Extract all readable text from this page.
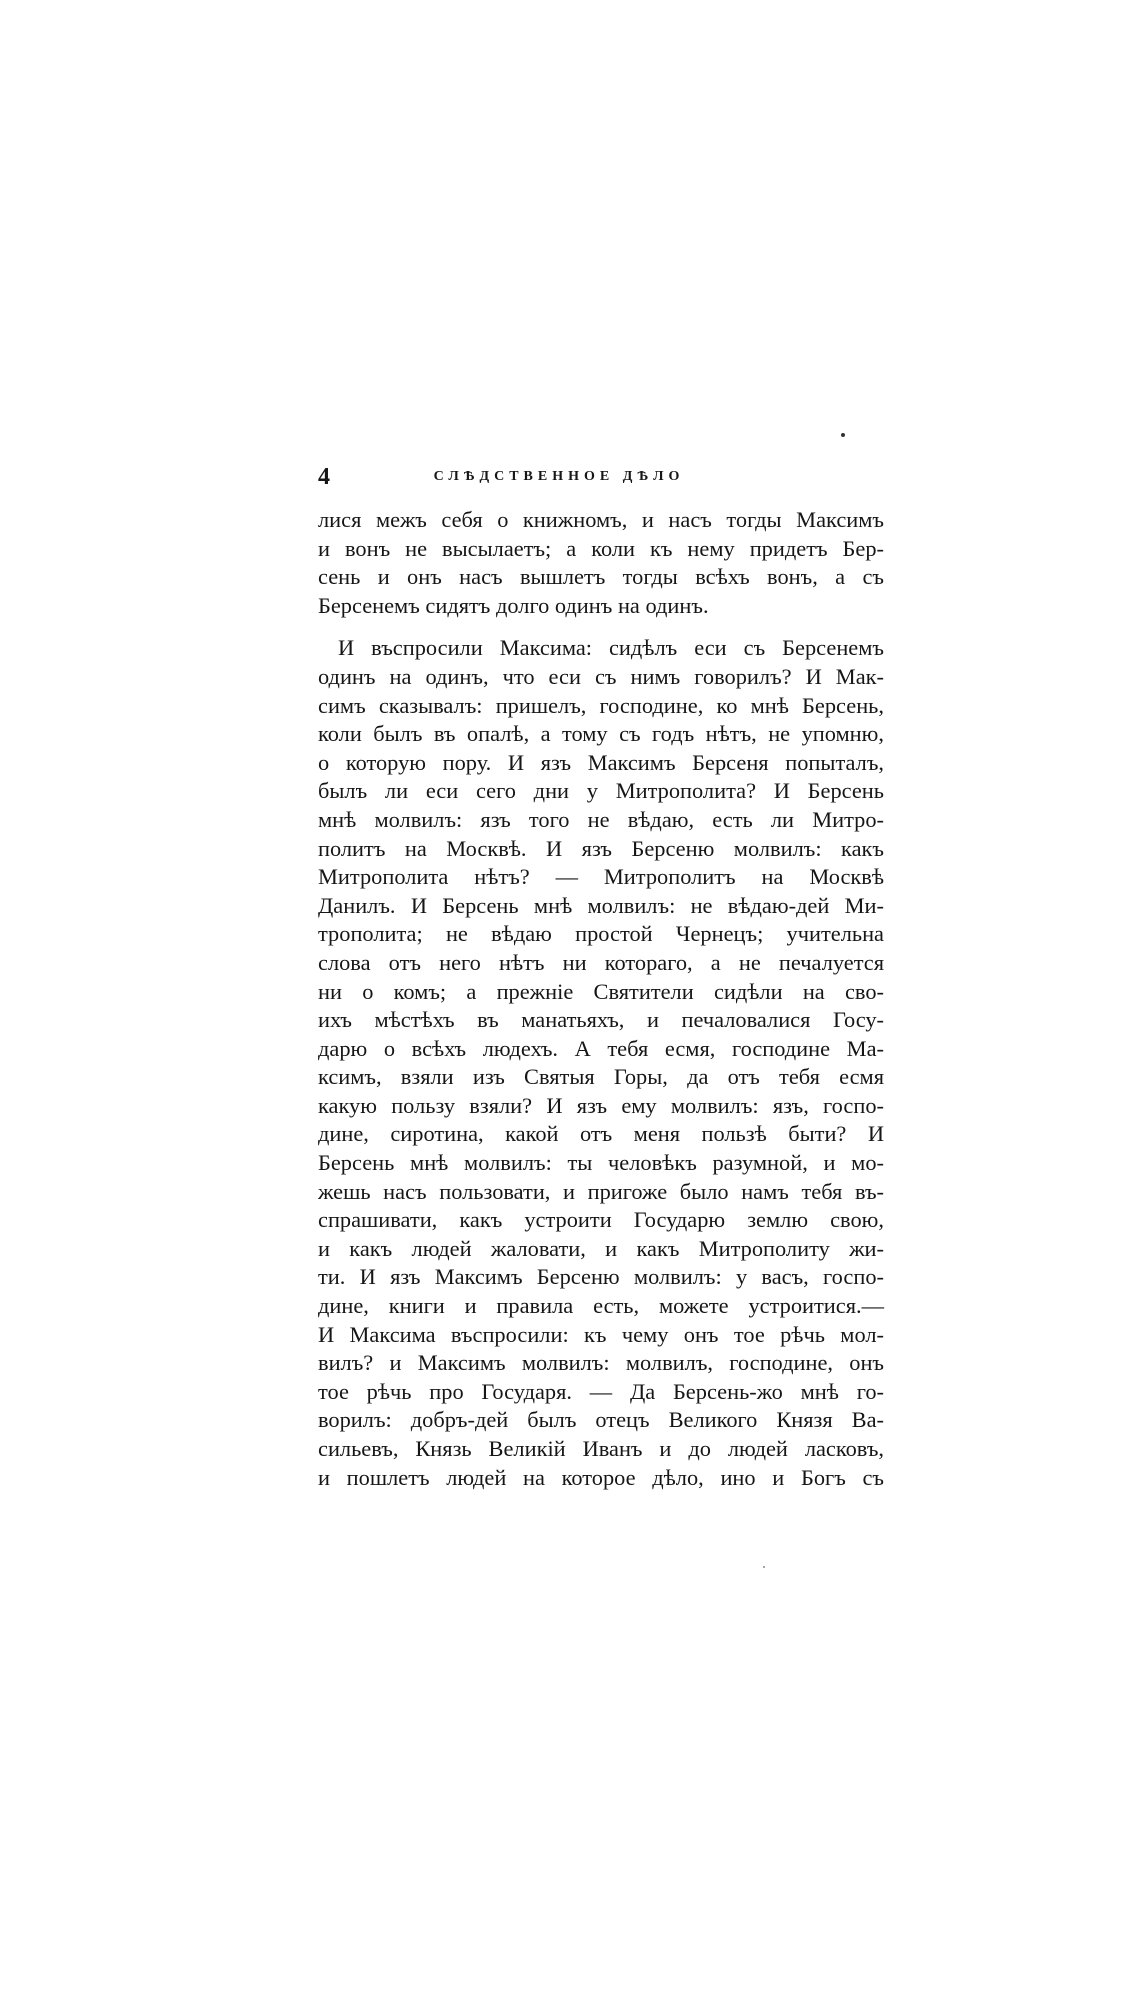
4	СЛѢДСТВЕННОЕ ДѢЛО
лися межъ себя о книжномъ, и насъ тогды Максимъ
и вонъ не высылаетъ; а коли къ нему придетъ Бер-
сень и онъ насъ вышлетъ тогды всѣхъ вонъ, а съ
Берсенемъ сидятъ долго одинъ на одинъ.
И въспросили Максима: сидѣлъ еси съ Берсенемъ
одинъ на одинъ, что еси съ нимъ говорилъ? И Мак-
симъ сказывалъ: пришелъ, господине, ко мнѣ Берсень,
коли былъ въ опалѣ, а тому съ годъ нѣтъ, не упомню,
о которую пору. И язъ Максимъ Берсеня попыталъ,
былъ ли еси сего дни у Митрополита? И Берсень
мнѣ молвилъ: язъ того не вѣдаю, есть ли Митро-
политъ на Москвѣ. И язъ Берсеню молвилъ: какъ
Митрополита нѣтъ? — Митрополитъ на Москвѣ
Данилъ. И Берсень мнѣ молвилъ: не вѣдаю-дей Ми-
трополита; не вѣдаю простой Чернецъ; учительна
слова отъ него нѣтъ ни котораго, а не печалуется
ни о комъ; а прежніе Святители сидѣли на сво-
ихъ мѣстѣхъ въ манатьяхъ, и печаловалися Госу-
дарю о всѣхъ людехъ. А тебя есмя, господине Ма-
ксимъ, взяли изъ Святыя Горы, да отъ тебя есмя
какую пользу взяли? И язъ ему молвилъ: язъ, госпо-
дине, сиротина, какой отъ меня пользѣ быти? И
Берсень мнѣ молвилъ: ты человѣкъ разумной, и мо-
жешь насъ пользовати, и пригоже было намъ тебя въ-
спрашивати, какъ устроити Государю землю свою,
и какъ людей жаловати, и какъ Митрополиту жи-
ти. И язъ Максимъ Берсеню молвилъ: у васъ, госпо-
дине, книги и правила есть, можете устроитися.—
И Максима въспросили: къ чему онъ тое рѣчь мол-
вилъ? и Максимъ молвилъ: молвилъ, господине, онъ
тое рѣчь про Государя. — Да Берсень-жо мнѣ го-
ворилъ: добръ-дей былъ отецъ Великого Князя Ва-
сильевъ, Князь Великій Иванъ и до людей ласковъ,
и пошлетъ людей на которое дѣло, ино и Богъ съ
